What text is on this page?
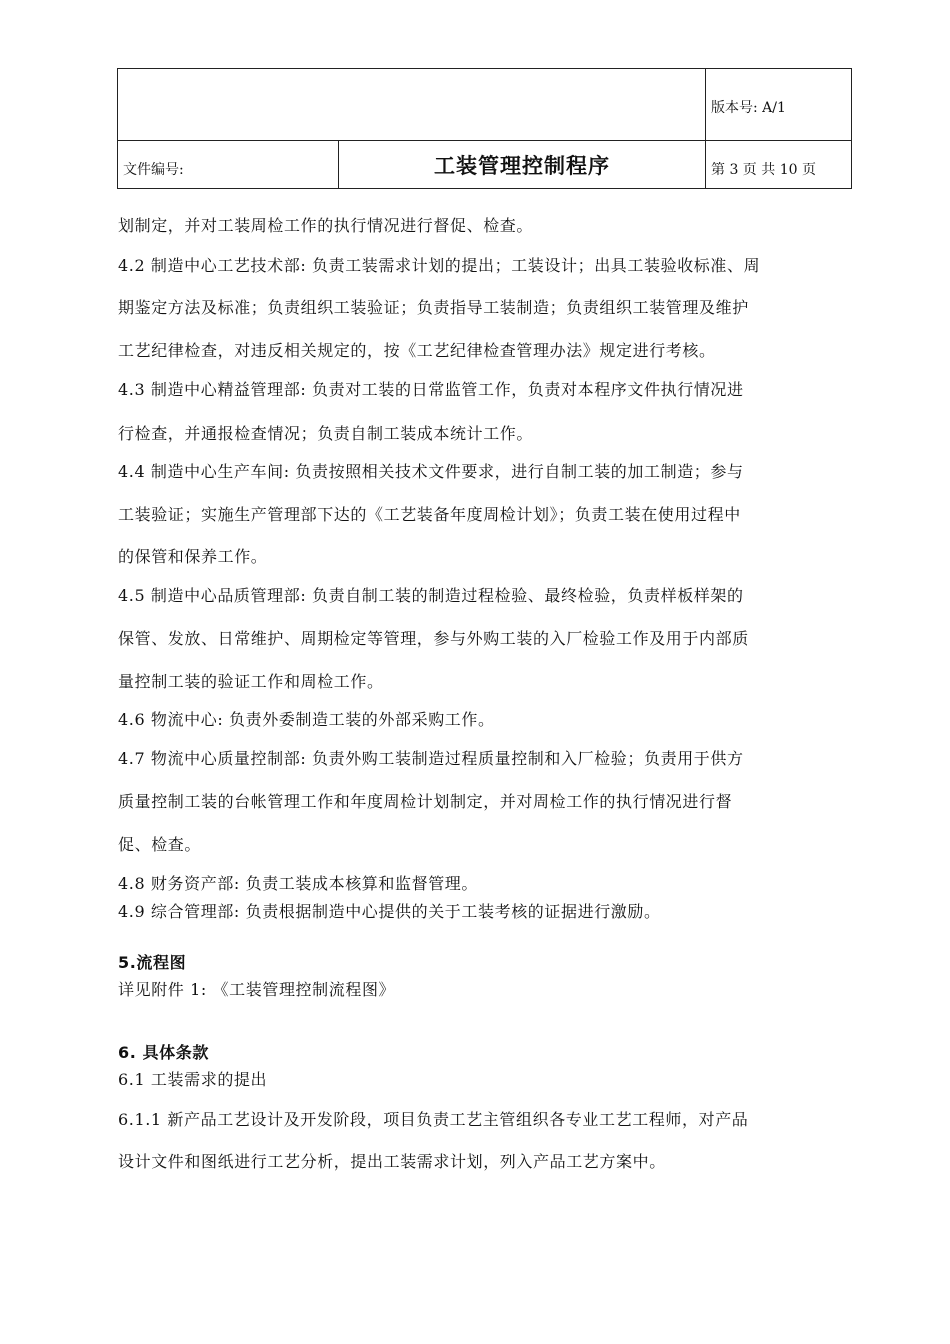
版本号: A/1
文件编号:	工装管理控制程序	第 3 页 共 10 页
划制定，并对工装周检工作的执行情况进行督促、检查。
4.2 制造中心工艺技术部: 负责工装需求计划的提出；工装设计；出具工装验收标准、周
期鉴定方法及标准；负责组织工装验证；负责指导工装制造；负责组织工装管理及维护
工艺纪律检查，对违反相关规定的，按《工艺纪律检查管理办法》规定进行考核。
4.3 制造中心精益管理部: 负责对工装的日常监管工作，负责对本程序文件执行情况进
行检查，并通报检查情况；负责自制工装成本统计工作。
4.4 制造中心生产车间: 负责按照相关技术文件要求，进行自制工装的加工制造；参与
工装验证；实施生产管理部下达的《工艺装备年度周检计划》；负责工装在使用过程中
的保管和保养工作。
4.5 制造中心品质管理部: 负责自制工装的制造过程检验、最终检验，负责样板样架的
保管、发放、日常维护、周期检定等管理，参与外购工装的入厂检验工作及用于内部质
量控制工装的验证工作和周检工作。
4.6 物流中心: 负责外委制造工装的外部采购工作。
4.7 物流中心质量控制部: 负责外购工装制造过程质量控制和入厂检验；负责用于供方
质量控制工装的台帐管理工作和年度周检计划制定，并对周检工作的执行情况进行督
促、检查。
4.8 财务资产部: 负责工装成本核算和监督管理。
4.9 综合管理部: 负责根据制造中心提供的关于工装考核的证据进行激励。
5.流程图
详见附件 1: 《工装管理控制流程图》
6. 具体条款
6.1 工装需求的提出
6.1.1 新产品工艺设计及开发阶段，项目负责工艺主管组织各专业工艺工程师，对产品
设计文件和图纸进行工艺分析，提出工装需求计划，列入产品工艺方案中。
